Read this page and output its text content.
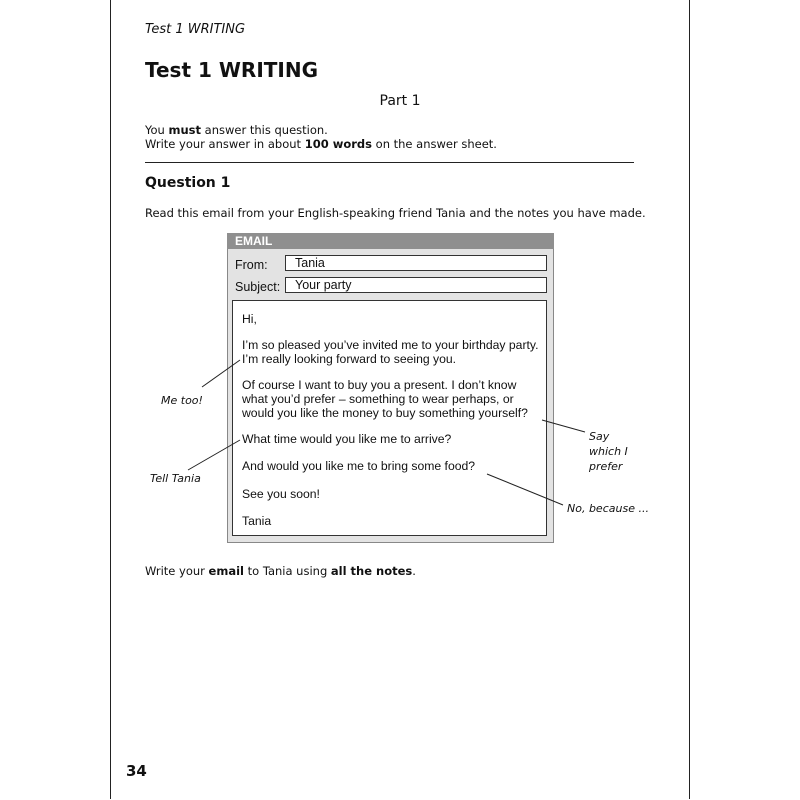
Test 1 WRITING
Test 1 WRITING
Part 1
You must answer this question.
Write your answer in about 100 words on the answer sheet.
Question 1
Read this email from your English-speaking friend Tania and the notes you have made.
EMAIL
From:	Tania
Subject:	Your party
Hi,
I’m so pleased you’ve invited me to your birthday party.
I’m really looking forward to seeing you.
Of course I want to buy you a present. I don’t know
what you’d prefer – something to wear perhaps, or
would you like the money to buy something yourself?
What time would you like me to arrive?
And would you like me to bring some food?
See you soon!
Tania
Me too!
Say
which I
prefer
Tell Tania
No, because ...
Write your email to Tania using all the notes.
34
